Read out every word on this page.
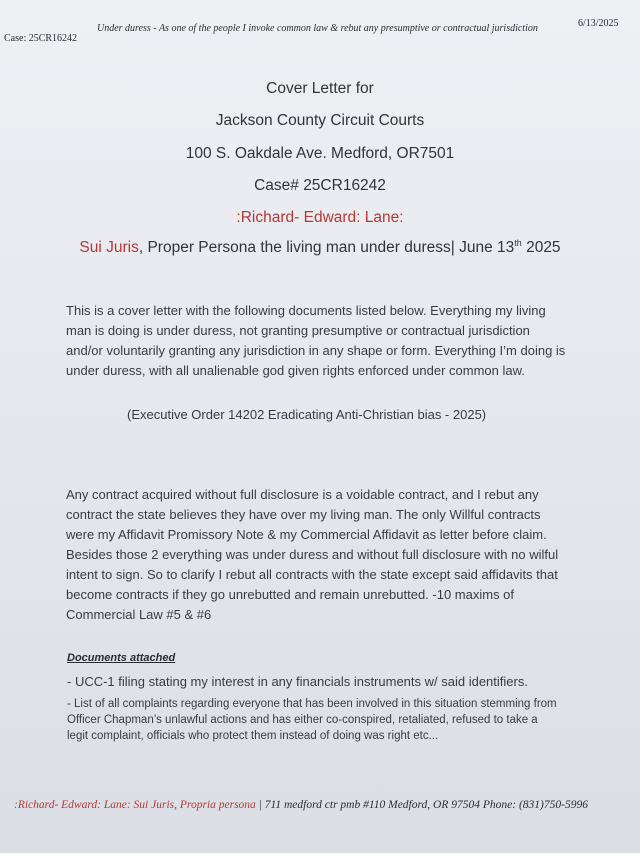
Case: 25CR16242
Under duress - As one of the people I invoke common law & rebut any presumptive or contractual jurisdiction	6/13/2025
Cover Letter for
Jackson County Circuit Courts
100 S. Oakdale Ave. Medford, OR7501
Case# 25CR16242
:Richard- Edward: Lane:
Sui Juris, Proper Persona the living man under duress| June 13th 2025
This is a cover letter with the following documents listed below. Everything my living man is doing is under duress, not granting presumptive or contractual jurisdiction and/or voluntarily granting any jurisdiction in any shape or form. Everything I’m doing is under duress, with all unalienable god given rights enforced under common law.
(Executive Order 14202 Eradicating Anti-Christian bias - 2025)
Any contract acquired without full disclosure is a voidable contract, and I rebut any contract the state believes they have over my living man. The only Willful contracts were my Affidavit Promissory Note & my Commercial Affidavit as letter before claim. Besides those 2 everything was under duress and without full disclosure with no wilful intent to sign. So to clarify I rebut all contracts with the state except said affidavits that become contracts if they go unrebutted and remain unrebutted. -10 maxims of Commercial Law #5 & #6
Documents attached
- UCC-1 filing stating my interest in any financials instruments w/ said identifiers.
- List of all complaints regarding everyone that has been involved in this situation stemming from Officer Chapman’s unlawful actions and has either co-conspired, retaliated, refused to take a legit complaint, officials who protect them instead of doing was right etc...
:Richard- Edward: Lane: Sui Juris, Propria persona | 711 medford ctr pmb #110 Medford, OR 97504 Phone: (831)750-5996
